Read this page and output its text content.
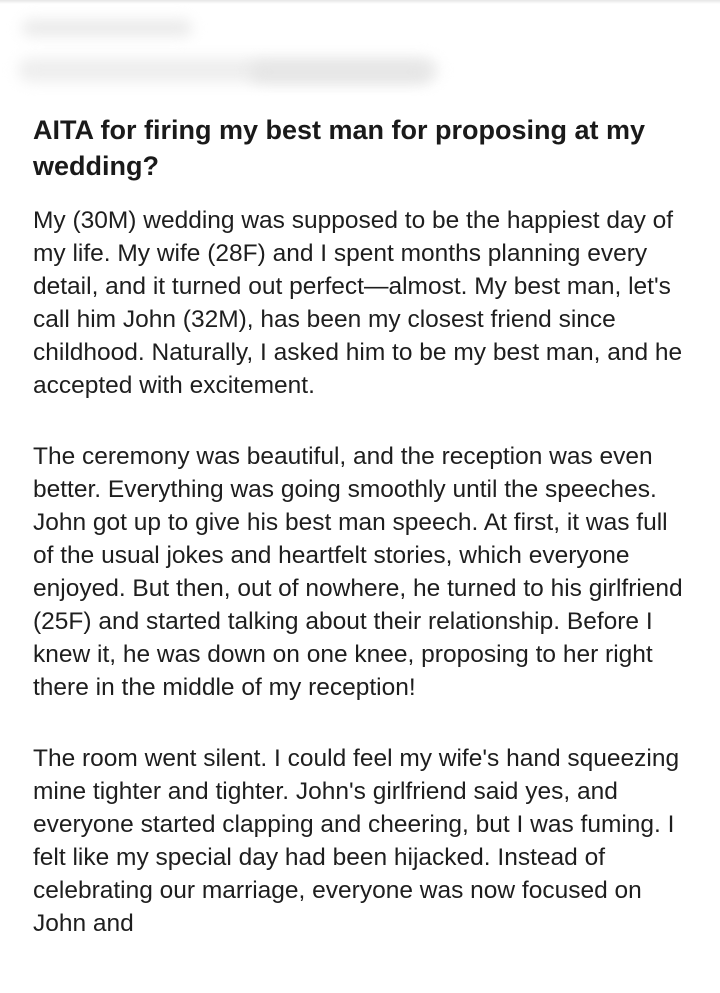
AITA for firing my best man for proposing at my wedding?

My (30M) wedding was supposed to be the happiest day of my life. My wife (28F) and I spent months planning every detail, and it turned out perfect—almost. My best man, let's call him John (32M), has been my closest friend since childhood. Naturally, I asked him to be my best man, and he accepted with excitement.

The ceremony was beautiful, and the reception was even better. Everything was going smoothly until the speeches. John got up to give his best man speech. At first, it was full of the usual jokes and heartfelt stories, which everyone enjoyed. But then, out of nowhere, he turned to his girlfriend (25F) and started talking about their relationship. Before I knew it, he was down on one knee, proposing to her right there in the middle of my reception!

The room went silent. I could feel my wife's hand squeezing mine tighter and tighter. John's girlfriend said yes, and everyone started clapping and cheering, but I was fuming. I felt like my special day had been hijacked. Instead of celebrating our marriage, everyone was now focused on John and
